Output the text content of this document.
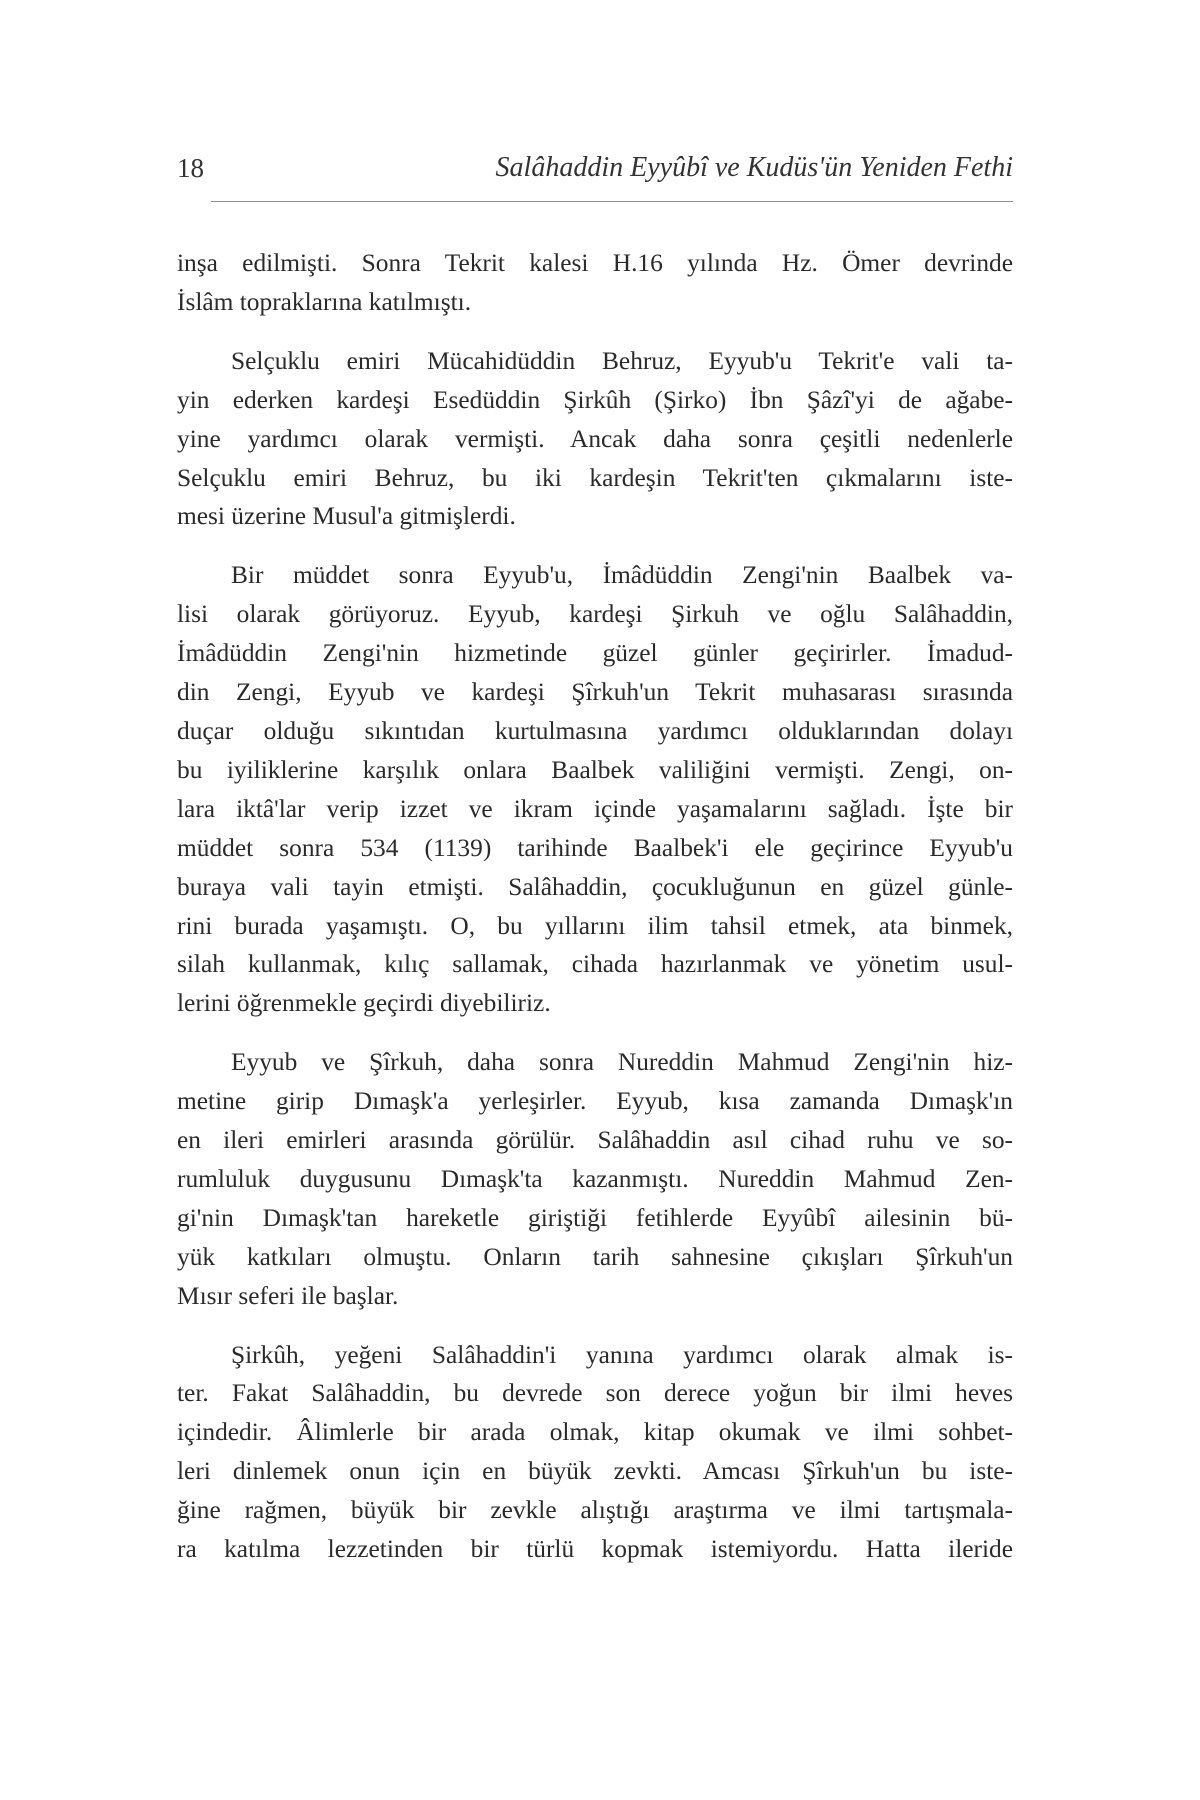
18	Salâhaddin Eyyûbî ve Kudüs'ün Yeniden Fethi

inşa edilmişti. Sonra Tekrit kalesi H.16 yılında Hz. Ömer devrinde
İslâm topraklarına katılmıştı.

Selçuklu emiri Mücahidüddin Behruz, Eyyub'u Tekrit'e vali ta-
yin ederken kardeşi Esedüddin Şirkûh (Şirko) İbn Şâzî'yi de ağabe-
yine yardımcı olarak vermişti. Ancak daha sonra çeşitli nedenlerle
Selçuklu emiri Behruz, bu iki kardeşin Tekrit'ten çıkmalarını iste-
mesi üzerine Musul'a gitmişlerdi.

Bir müddet sonra Eyyub'u, İmâdüddin Zengi'nin Baalbek va-
lisi olarak görüyoruz. Eyyub, kardeşi Şirkuh ve oğlu Salâhaddin,
İmâdüddin Zengi'nin hizmetinde güzel günler geçirirler. İmadud-
din Zengi, Eyyub ve kardeşi Şîrkuh'un Tekrit muhasarası sırasında
duçar olduğu sıkıntıdan kurtulmasına yardımcı olduklarından dolayı
bu iyiliklerine karşılık onlara Baalbek valiliğini vermişti. Zengi, on-
lara iktâ'lar verip izzet ve ikram içinde yaşamalarını sağladı. İşte bir
müddet sonra 534 (1139) tarihinde Baalbek'i ele geçirince Eyyub'u
buraya vali tayin etmişti. Salâhaddin, çocukluğunun en güzel günle-
rini burada yaşamıştı. O, bu yıllarını ilim tahsil etmek, ata binmek,
silah kullanmak, kılıç sallamak, cihada hazırlanmak ve yönetim usul-
lerini öğrenmekle geçirdi diyebiliriz.

Eyyub ve Şîrkuh, daha sonra Nureddin Mahmud Zengi'nin hiz-
metine girip Dımaşk'a yerleşirler. Eyyub, kısa zamanda Dımaşk'ın
en ileri emirleri arasında görülür. Salâhaddin asıl cihad ruhu ve so-
rumluluk duygusunu Dımaşk'ta kazanmıştı. Nureddin Mahmud Zen-
gi'nin Dımaşk'tan hareketle giriştiği fetihlerde Eyyûbî ailesinin bü-
yük katkıları olmuştu. Onların tarih sahnesine çıkışları Şîrkuh'un
Mısır seferi ile başlar.

Şirkûh, yeğeni Salâhaddin'i yanına yardımcı olarak almak is-
ter. Fakat Salâhaddin, bu devrede son derece yoğun bir ilmi heves
içindedir. Âlimlerle bir arada olmak, kitap okumak ve ilmi sohbet-
leri dinlemek onun için en büyük zevkti. Amcası Şîrkuh'un bu iste-
ğine rağmen, büyük bir zevkle alıştığı araştırma ve ilmi tartışmala-
ra katılma lezzetinden bir türlü kopmak istemiyordu. Hatta ileride
